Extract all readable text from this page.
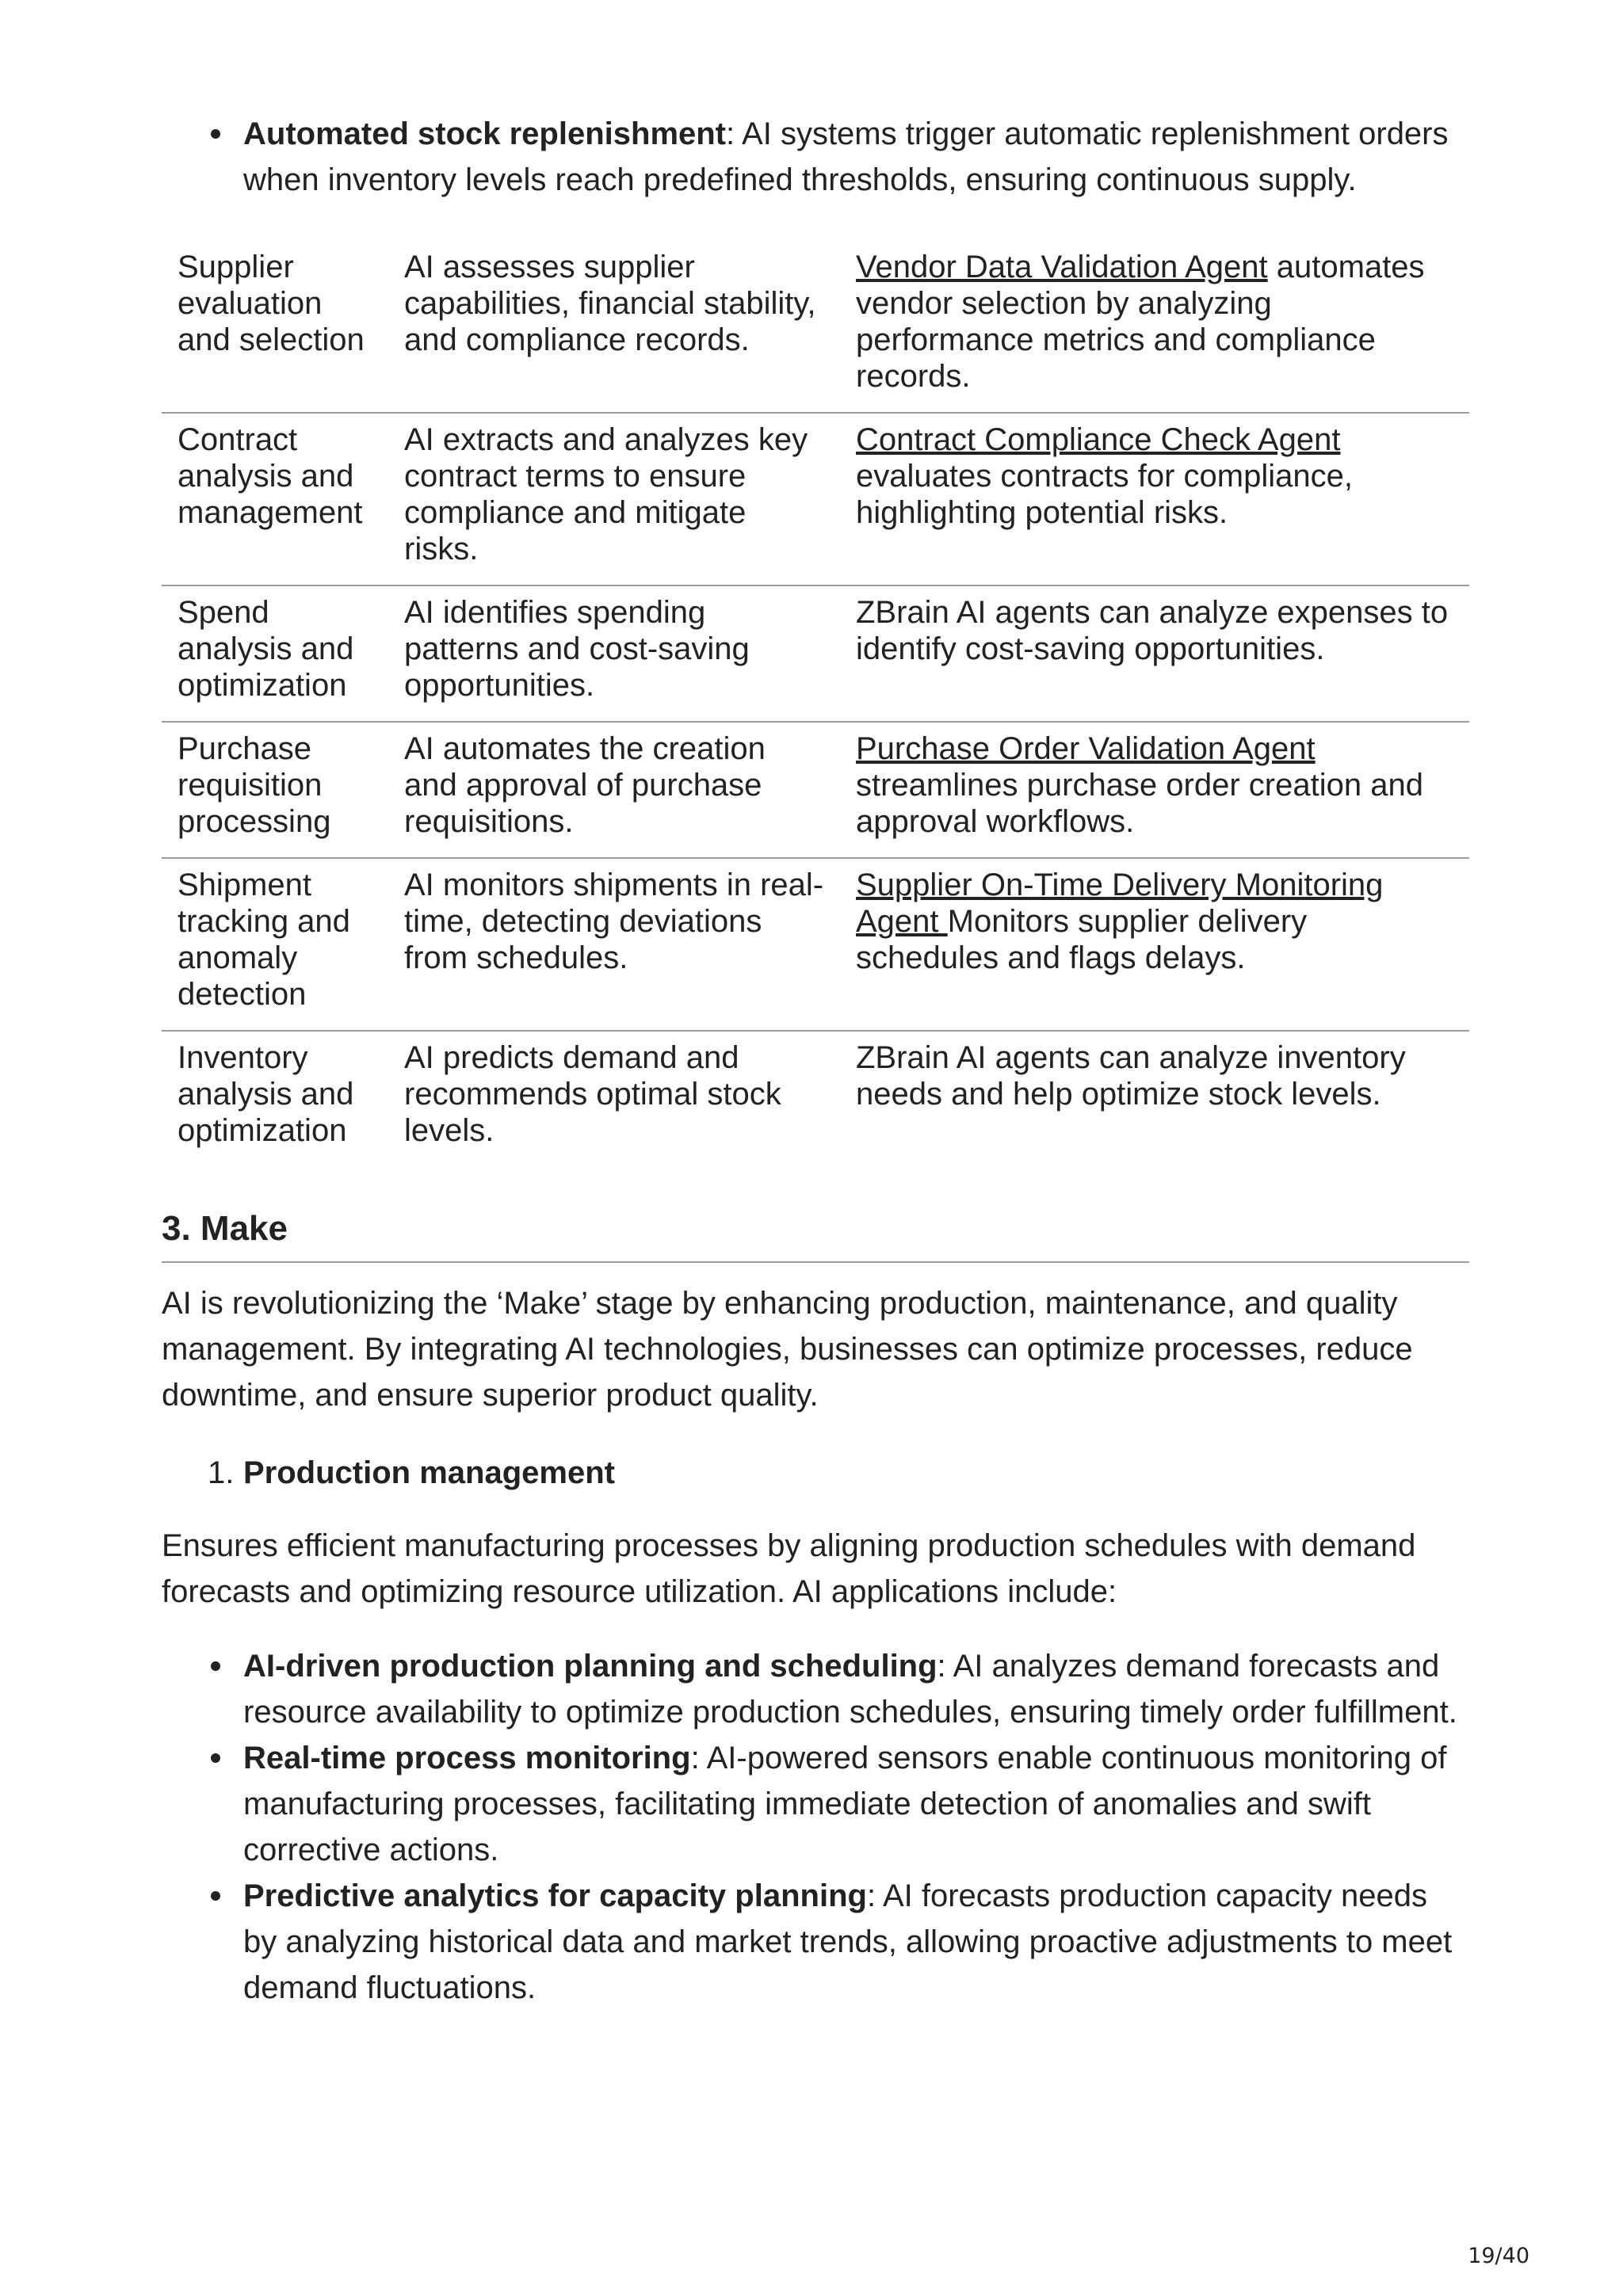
Automated stock replenishment: AI systems trigger automatic replenishment orders when inventory levels reach predefined thresholds, ensuring continuous supply.
Supplier evaluation and selection	AI assesses supplier capabilities, financial stability, and compliance records.	Vendor Data Validation Agent automates vendor selection by analyzing performance metrics and compliance records.
Contract analysis and management	AI extracts and analyzes key contract terms to ensure compliance and mitigate risks.	Contract Compliance Check Agent evaluates contracts for compliance, highlighting potential risks.
Spend analysis and optimization	AI identifies spending patterns and cost-saving opportunities.	ZBrain AI agents can analyze expenses to identify cost-saving opportunities.
Purchase requisition processing	AI automates the creation and approval of purchase requisitions.	Purchase Order Validation Agent streamlines purchase order creation and approval workflows.
Shipment tracking and anomaly detection	AI monitors shipments in real-time, detecting deviations from schedules.	Supplier On-Time Delivery Monitoring Agent Monitors supplier delivery schedules and flags delays.
Inventory analysis and optimization	AI predicts demand and recommends optimal stock levels.	ZBrain AI agents can analyze inventory needs and help optimize stock levels.
3. Make

AI is revolutionizing the ‘Make’ stage by enhancing production, maintenance, and quality management. By integrating AI technologies, businesses can optimize processes, reduce downtime, and ensure superior product quality.

1. Production management

Ensures efficient manufacturing processes by aligning production schedules with demand forecasts and optimizing resource utilization. AI applications include:

AI-driven production planning and scheduling: AI analyzes demand forecasts and resource availability to optimize production schedules, ensuring timely order fulfillment.
Real-time process monitoring: AI-powered sensors enable continuous monitoring of manufacturing processes, facilitating immediate detection of anomalies and swift corrective actions.
Predictive analytics for capacity planning: AI forecasts production capacity needs by analyzing historical data and market trends, allowing proactive adjustments to meet demand fluctuations.
19/40
